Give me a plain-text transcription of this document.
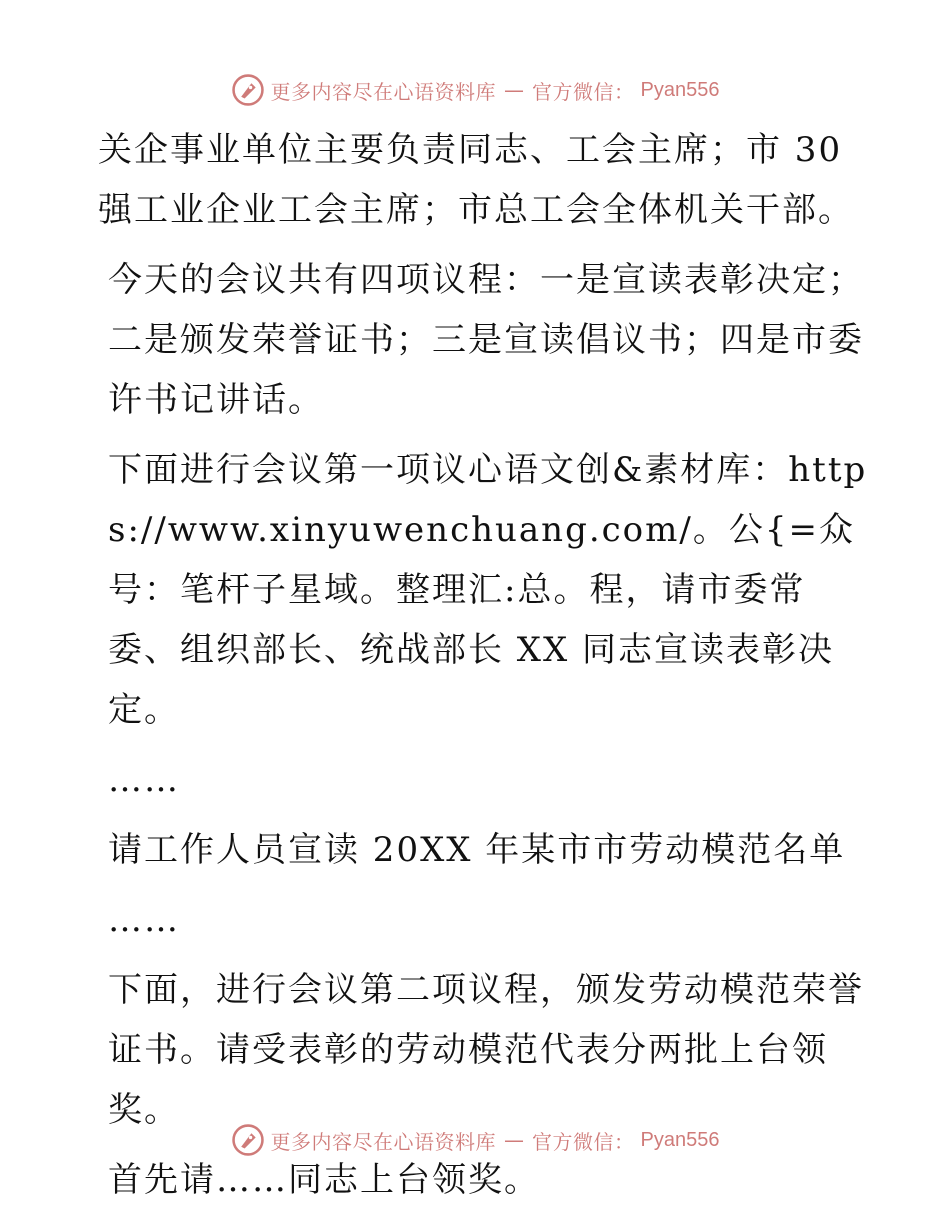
更多内容尽在心语资料库 — 官方微信： Pyan556

关企事业单位主要负责同志、工会主席；市 30 强工业企业工会主席；市总工会全体机关干部。

今天的会议共有四项议程：一是宣读表彰决定；二是颁发荣誉证书；三是宣读倡议书；四是市委许书记讲话。

下面进行会议第一项议心语文创&素材库：https://www.xinyuwenchuang.com/。公{=众号：笔杆子星域。整理汇:总。程，请市委常委、组织部长、统战部长 XX 同志宣读表彰决定。

……

请工作人员宣读 20XX 年某市市劳动模范名单

……

下面，进行会议第二项议程，颁发劳动模范荣誉证书。请受表彰的劳动模范代表分两批上台领奖。

首先请……同志上台领奖。

更多内容尽在心语资料库 — 官方微信： Pyan556
